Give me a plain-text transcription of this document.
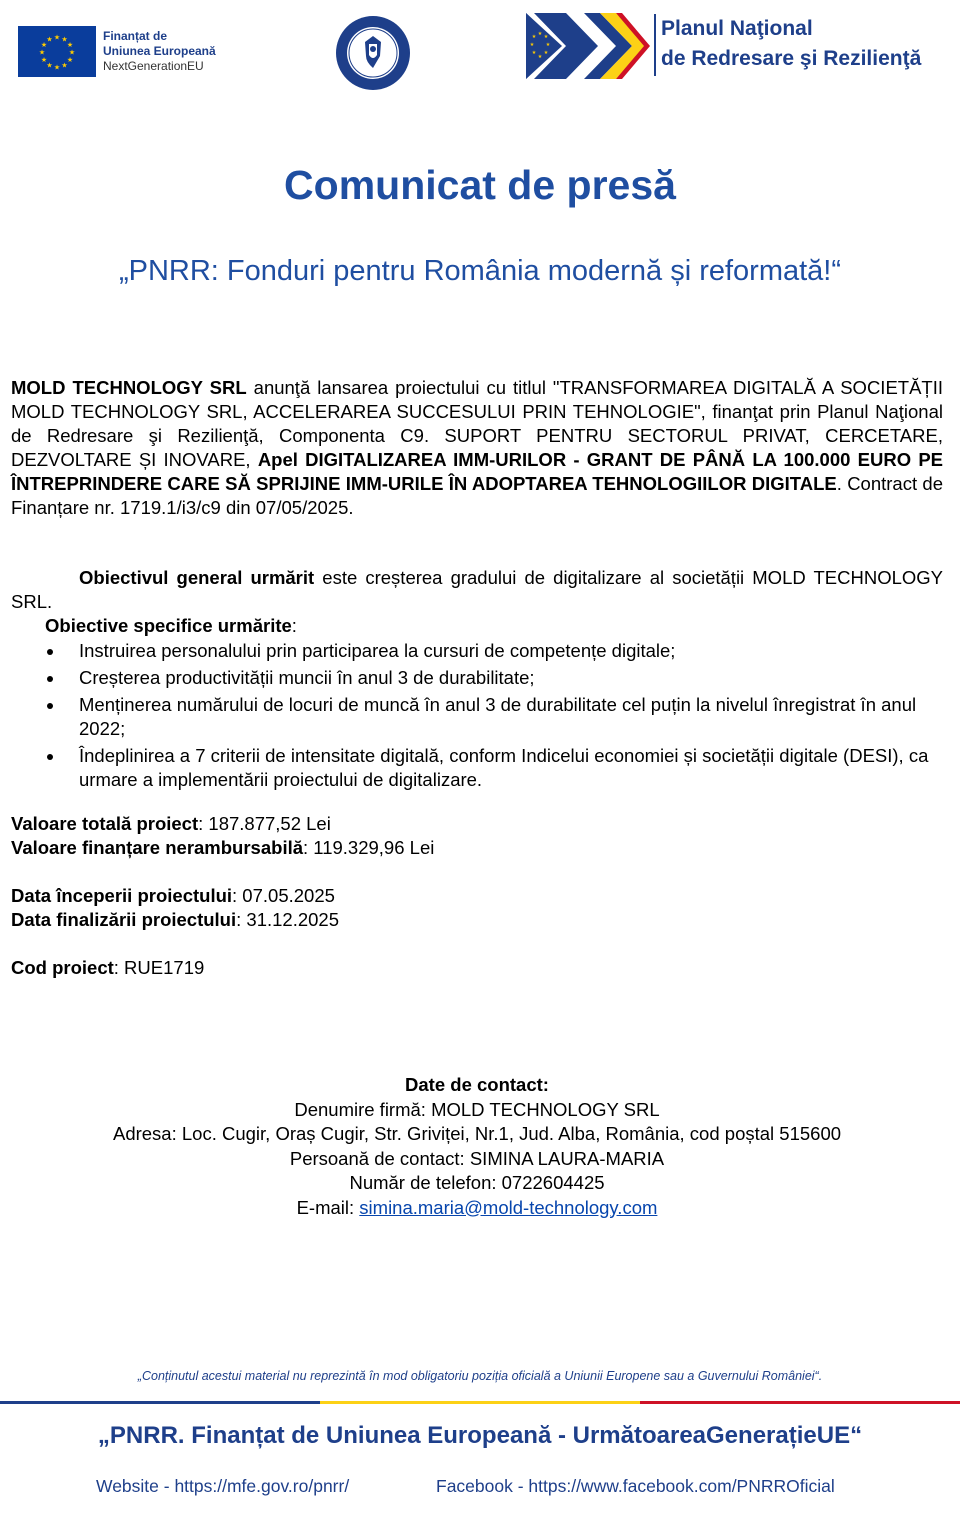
★ ★
★
★
★
★
★
★
★
★
★
★	Finanțat de
Uniunea Europeană
NextGenerationEU
★ ★
★
★
★
★
★
★	Planul Naţional
de Redresare şi Rezilienţă
Comunicat de presă
„PNRR: Fonduri pentru România modernă și reformată!“
MOLD TECHNOLOGY SRL anunţă lansarea proiectului cu titlul "TRANSFORMAREA DIGITALĂ A SOCIETĂȚII MOLD TECHNOLOGY SRL, ACCELERAREA SUCCESULUI PRIN TEHNOLOGIE", finanţat prin Planul Naţional de Redresare şi Rezilienţă, Componenta C9. SUPORT PENTRU SECTORUL PRIVAT, CERCETARE, DEZVOLTARE ȘI INOVARE, Apel DIGITALIZAREA IMM-URILOR - GRANT DE PÂNĂ LA 100.000 EURO PE ÎNTREPRINDERE CARE SĂ SPRIJINE IMM-URILE ÎN ADOPTAREA TEHNOLOGIILOR DIGITALE. Contract de Finanțare nr. 1719.1/i3/c9 din 07/05/2025.
Obiectivul general urmărit este creșterea gradului de digitalizare al societății MOLD TECHNOLOGY SRL.
Obiective specifice urmărite:
Instruirea personalului prin participarea la cursuri de competențe digitale;
Creșterea productivității muncii în anul 3 de durabilitate;
Menținerea numărului de locuri de muncă în anul 3 de durabilitate cel puțin la nivelul înregistrat în anul 2022;
Îndeplinirea a 7 criterii de intensitate digitală, conform Indicelui economiei și societății digitale (DESI), ca urmare a implementării proiectului de digitalizare.
Valoare totală proiect: 187.877,52 Lei
Valoare finanțare nerambursabilă: 119.329,96 Lei
Data începerii proiectului: 07.05.2025
Data finalizării proiectului: 31.12.2025
Cod proiect: RUE1719
Date de contact:
Denumire firmă: MOLD TECHNOLOGY SRL
Adresa: Loc. Cugir, Oraș Cugir, Str. Griviței, Nr.1, Jud. Alba, România, cod poștal 515600
Persoană de contact: SIMINA LAURA-MARIA
Număr de telefon: 0722604425
E-mail: simina.maria@mold-technology.com
„Conținutul acestui material nu reprezintă în mod obligatoriu poziția oficială a Uniunii Europene sau a Guvernului României“.
„PNRR. Finanțat de Uniunea Europeană - UrmătoareaGenerațieUE“
Website - https://mfe.gov.ro/pnrr/	Facebook - https://www.facebook.com/PNRROficial
